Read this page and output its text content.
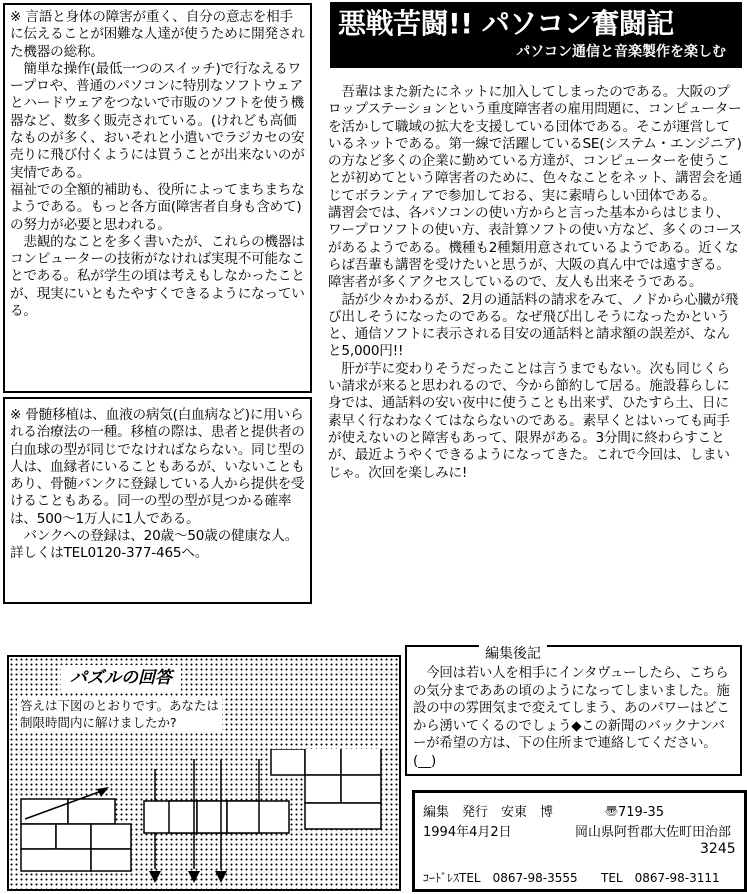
※ 言語と身体の障害が重く、自分の意志を相手に伝えることが困難な人達が使うために開発された機器の総称。

　簡単な操作(最低一つのスイッチ)で行なえるワープロや、普通のパソコンに特別なソフトウェアとハードウェアをつないで市販のソフトを使う機器など、数多く販売されている。(けれども高価なものが多く、おいそれと小遣いでラジカセの安売りに飛び付くようには買うことが出来ないのが実情である。

福祉での全額的補助も、役所によってまちまちなようである。もっと各方面(障害者自身も含めて)の努力が必要と思われる。

　悲観的なことを多く書いたが、これらの機器はコンピューターの技術がなければ実現不可能なことである。私が学生の頃は考えもしなかったことが、現実にいともたやすくできるようになっている。

※ 骨髄移植は、血液の病気(白血病など)に用いられる治療法の一種。移植の際は、患者と提供者の白血球の型が同じでなければならない。同じ型の人は、血縁者にいることもあるが、いないこともあり、骨髄バンクに登録している人から提供を受けることもある。同一の型の型が見つかる確率は、500～1万人に1人である。

　バンクへの登録は、20歳～50歳の健康な人。詳しくはTEL0120-377-465へ。

悪戦苦闘!! パソコン奮闘記
パソコン通信と音楽製作を楽しむ

　吾輩はまた新たにネットに加入してしまったのである。大阪のプロップステーションという重度障害者の雇用問題に、コンピューターを活かして職域の拡大を支援している団体である。そこが運営しているネットである。第一線で活躍しているSE(システム・エンジニア)の方など多くの企業に勤めている方達が、コンピューターを使うことが初めてという障害者のために、色々なことをネット、講習会を通じてボランティアで参加しておる、実に素晴らしい団体である。

講習会では、各パソコンの使い方からと言った基本からはじまり、ワープロソフトの使い方、表計算ソフトの使い方など、多くのコースがあるようである。機種も2種類用意されているようである。近くならば吾輩も講習を受けたいと思うが、大阪の真ん中では遠すぎる。障害者が多くアクセスしているので、友人も出来そうである。

　話が少々かわるが、2月の通話料の請求をみて、ノドから心臓が飛び出しそうになったのである。なぜ飛び出しそうになったかというと、通信ソフトに表示される目安の通話料と請求額の誤差が、なんと5,000円!!

　肝が芋に変わりそうだったことは言うまでもない。次も同じくらい請求が来ると思われるので、今から節約して居る。施設暮らしに身では、通話料の安い夜中に使うことも出来ず、ひたすら土、日に素早く行なわなくてはならないのである。素早くとはいっても両手が使えないのと障害もあって、限界がある。3分間に終わらすことが、最近ようやくできるようになってきた。これで今回は、しまいじゃ。次回を楽しみに!

パズルの回答
答えは下図のとおりです。あなたは
制限時間内に解けましたか?
編集後記

　今回は若い人を相手にインタヴューしたら、こちらの気分までああの頃のようになってしまいました。施設の中の雰囲気まで変えてしまう、あのパワーはどこから湧いてくるのでしょう◆この新聞のバックナンバーが希望の方は、下の住所まで連絡してください。(__)

編集　発行　安東　博	〠719-35
1994年4月2日	岡山県阿哲郡大佐町田治部
3245
ｺｰﾄﾞﾚｽTEL　0867-98-3555 TEL　0867-98-3111
